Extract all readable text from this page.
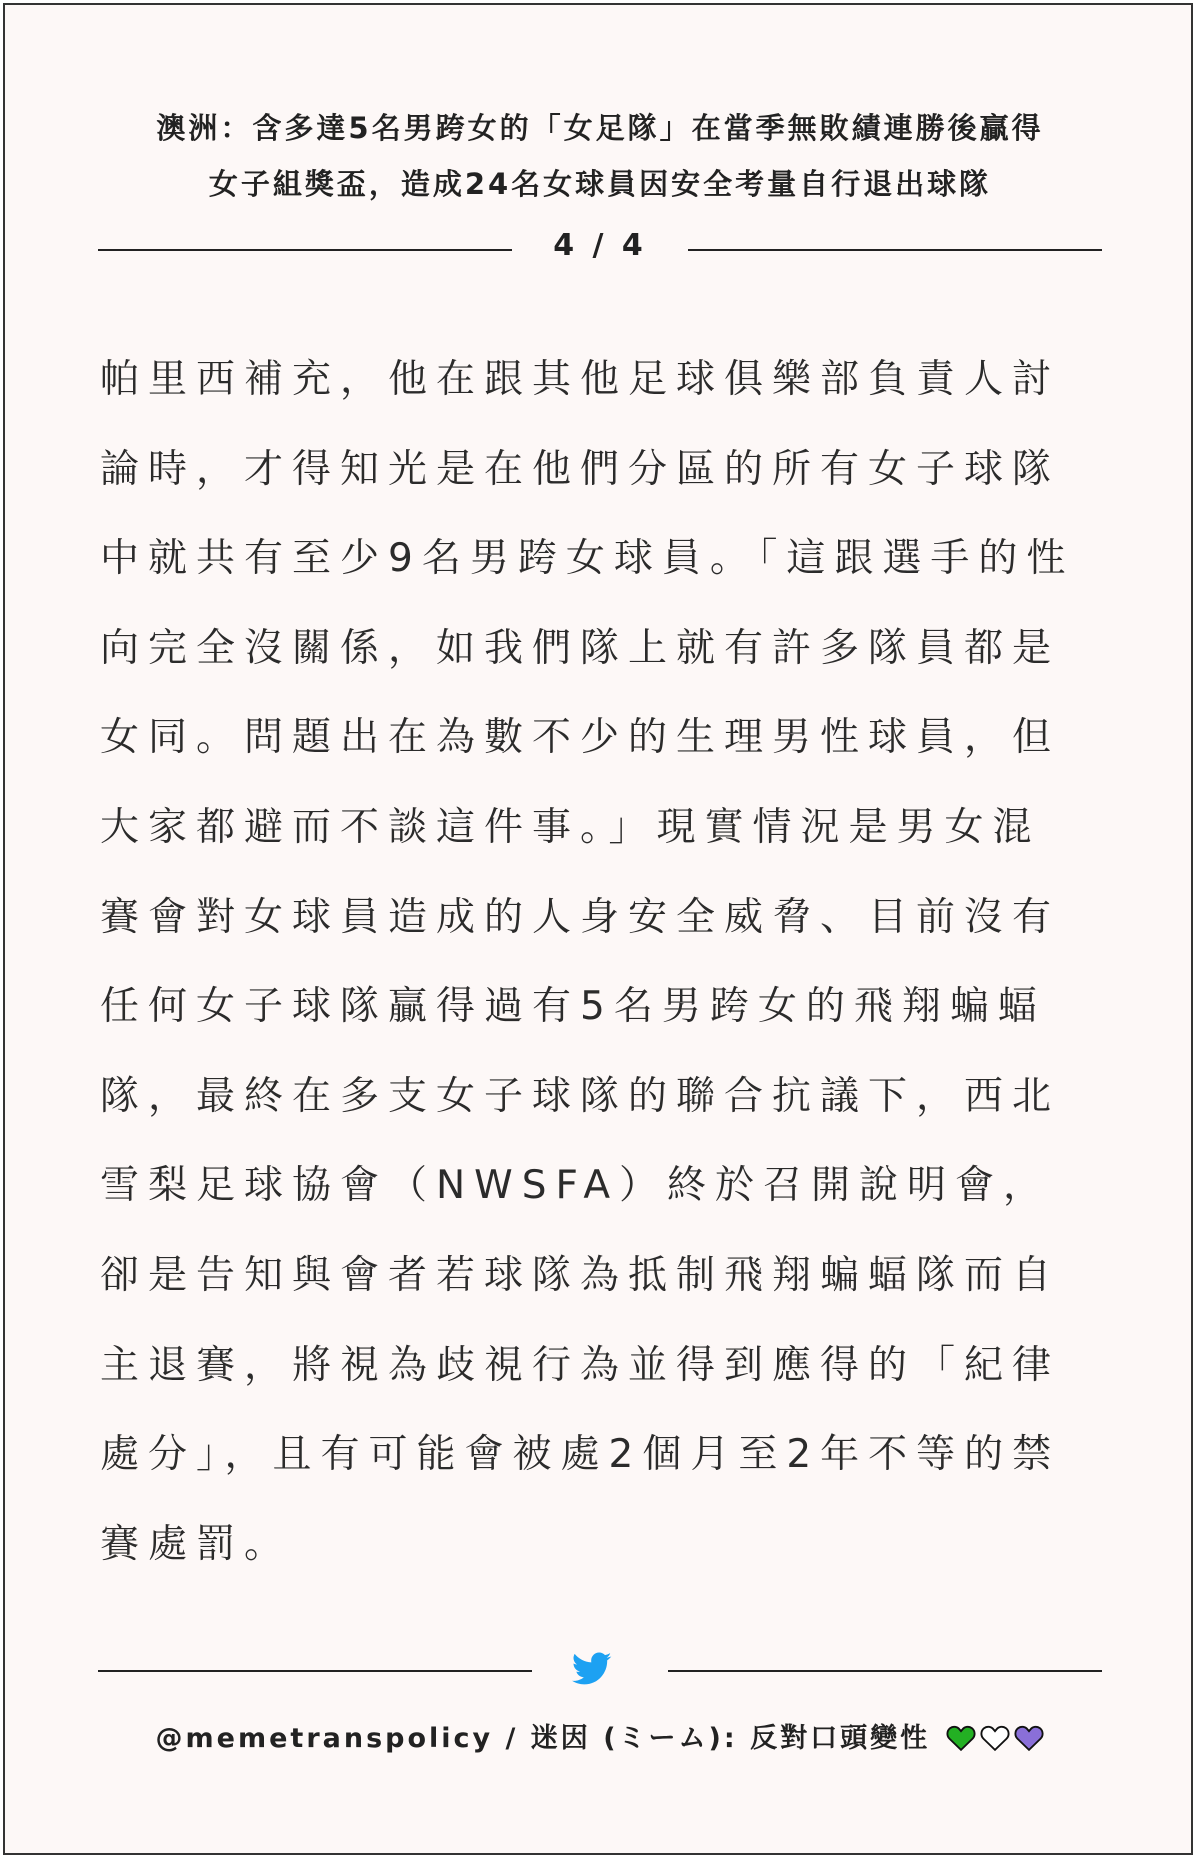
澳洲：含多達5名男跨女的「女足隊」在當季無敗績連勝後贏得
女子組獎盃，造成24名女球員因安全考量自行退出球隊
4 / 4
帕里西補充，他在跟其他足球俱樂部負責人討
論時，才得知光是在他們分區的所有女子球隊
中就共有至少9名男跨女球員。「這跟選手的性
向完全沒關係，如我們隊上就有許多隊員都是
女同。問題出在為數不少的生理男性球員，但
大家都避而不談這件事。」現實情況是男女混
賽會對女球員造成的人身安全威脅、目前沒有
任何女子球隊贏得過有5名男跨女的飛翔蝙蝠
隊，最終在多支女子球隊的聯合抗議下，西北
雪梨足球協會（NWSFA）終於召開說明會，
卻是告知與會者若球隊為抵制飛翔蝙蝠隊而自
主退賽，將視為歧視行為並得到應得的「紀律
處分」，且有可能會被處2個月至2年不等的禁
賽處罰。
@memetranspolicy / 迷因 (ミーム): 反對口頭變性
